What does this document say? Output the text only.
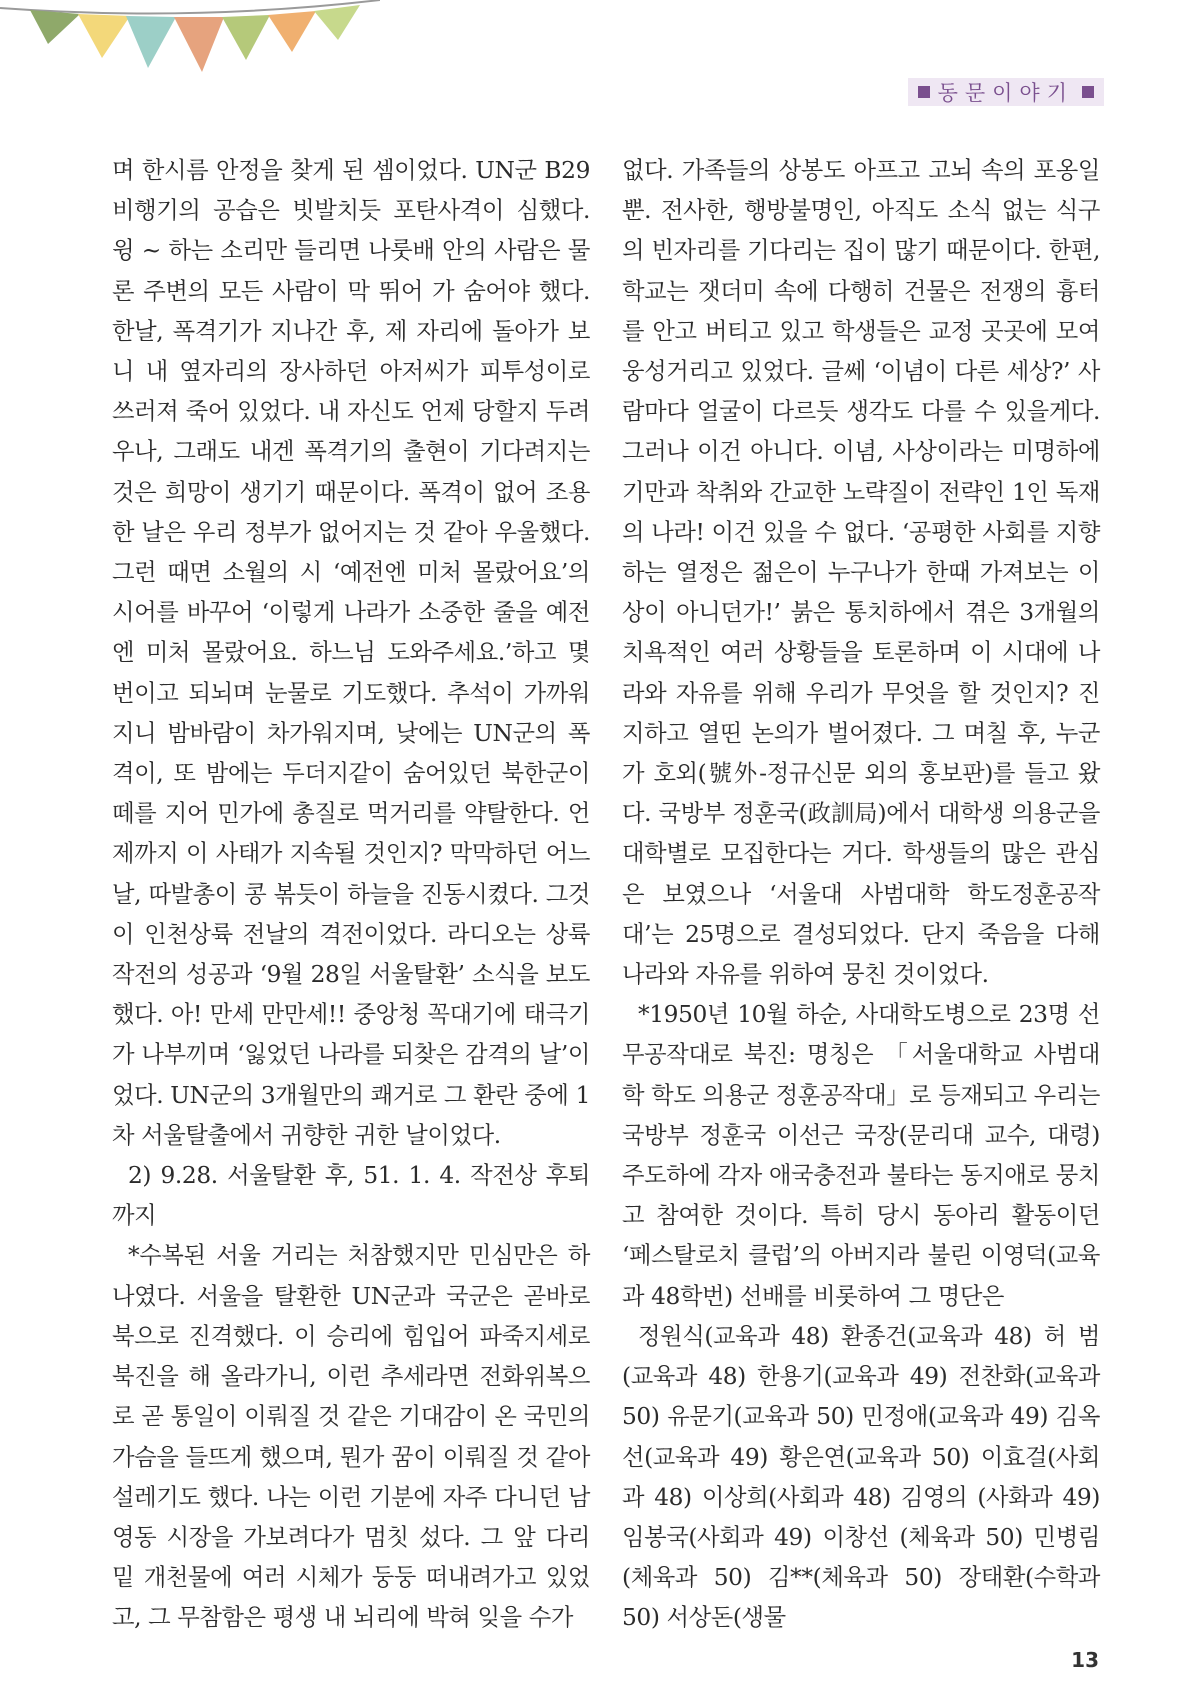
동문이야기

며 한시름 안정을 찾게 된 셈이었다. UN군 B29 비행기의 공습은 빗발치듯 포탄사격이 심했다. 윙 ~ 하는 소리만 들리면 나룻배 안의 사람은 물론 주변의 모든 사람이 막 뛰어 가 숨어야 했다. 한날, 폭격기가 지나간 후, 제 자리에 돌아가 보니 내 옆자리의 장사하던 아저씨가 피투성이로 쓰러져 죽어 있었다. 내 자신도 언제 당할지 두려우나, 그래도 내겐 폭격기의 출현이 기다려지는 것은 희망이 생기기 때문이다. 폭격이 없어 조용한 날은 우리 정부가 없어지는 것 같아 우울했다. 그런 때면 소월의 시 ‘예전엔 미처 몰랐어요’의 시어를 바꾸어 ‘이렇게 나라가 소중한 줄을 예전엔 미처 몰랐어요. 하느님 도와주세요.’하고 몇 번이고 되뇌며 눈물로 기도했다. 추석이 가까워지니 밤바람이 차가워지며, 낮에는 UN군의 폭격이, 또 밤에는 두더지같이 숨어있던 북한군이 떼를 지어 민가에 총질로 먹거리를 약탈한다. 언제까지 이 사태가 지속될 것인지? 막막하던 어느 날, 따발총이 콩 볶듯이 하늘을 진동시켰다. 그것이 인천상륙 전날의 격전이었다. 라디오는 상륙작전의 성공과 ‘9월 28일 서울탈환’ 소식을 보도했다. 아! 만세 만만세!! 중앙청 꼭대기에 태극기가 나부끼며 ‘잃었던 나라를 되찾은 감격의 날’이었다. UN군의 3개월만의 쾌거로 그 환란 중에 1차 서울탈출에서 귀향한 귀한 날이었다.

2) 9.28. 서울탈환 후, 51. 1. 4. 작전상 후퇴까지

*수복된 서울 거리는 처참했지만 민심만은 하나였다. 서울을 탈환한 UN군과 국군은 곧바로 북으로 진격했다. 이 승리에 힘입어 파죽지세로 북진을 해 올라가니, 이런 추세라면 전화위복으로 곧 통일이 이뤄질 것 같은 기대감이 온 국민의 가슴을 들뜨게 했으며, 뭔가 꿈이 이뤄질 것 같아 설레기도 했다. 나는 이런 기분에 자주 다니던 남영동 시장을 가보려다가 멈칫 섰다. 그 앞 다리 밑 개천물에 여러 시체가 둥둥 떠내려가고 있었고, 그 무참함은 평생 내 뇌리에 박혀 잊을 수가

없다. 가족들의 상봉도 아프고 고뇌 속의 포옹일 뿐. 전사한, 행방불명인, 아직도 소식 없는 식구의 빈자리를 기다리는 집이 많기 때문이다. 한편, 학교는 잿더미 속에 다행히 건물은 전쟁의 흉터를 안고 버티고 있고 학생들은 교정 곳곳에 모여 웅성거리고 있었다. 글쎄 ‘이념이 다른 세상?’ 사람마다 얼굴이 다르듯 생각도 다를 수 있을게다. 그러나 이건 아니다. 이념, 사상이라는 미명하에 기만과 착취와 간교한 노략질이 전략인 1인 독재의 나라! 이건 있을 수 없다. ‘공평한 사회를 지향하는 열정은 젊은이 누구나가 한때 가져보는 이상이 아니던가!’ 붉은 통치하에서 겪은 3개월의 치욕적인 여러 상황들을 토론하며 이 시대에 나라와 자유를 위해 우리가 무엇을 할 것인지? 진지하고 열띤 논의가 벌어졌다. 그 며칠 후, 누군가 호외(號外-정규신문 외의 홍보판)를 들고 왔다. 국방부 정훈국(政訓局)에서 대학생 의용군을 대학별로 모집한다는 거다. 학생들의 많은 관심은 보였으나 ‘서울대 사범대학 학도정훈공작대’는 25명으로 결성되었다. 단지 죽음을 다해 나라와 자유를 위하여 뭉친 것이었다.

*1950년 10월 하순, 사대학도병으로 23명 선무공작대로 북진: 명칭은 「서울대학교 사범대학 학도 의용군 정훈공작대」로 등재되고 우리는 국방부 정훈국 이선근 국장(문리대 교수, 대령)주도하에 각자 애국충전과 불타는 동지애로 뭉치고 참여한 것이다. 특히 당시 동아리 활동이던 ‘페스탈로치 클럽’의 아버지라 불린 이영덕(교육과 48학번) 선배를 비롯하여 그 명단은

정원식(교육과 48) 환종건(교육과 48) 허 범(교육과 48) 한용기(교육과 49) 전찬화(교육과 50) 유문기(교육과 50) 민정애(교육과 49) 김옥선(교육과 49) 황은연(교육과 50) 이효걸(사회과 48) 이상희(사회과 48) 김영의 (사화과 49) 임봉국(사회과 49) 이창선 (체육과 50) 민병림(체육과 50) 김**(체육과 50) 장태환(수학과 50) 서상돈(생물

13
